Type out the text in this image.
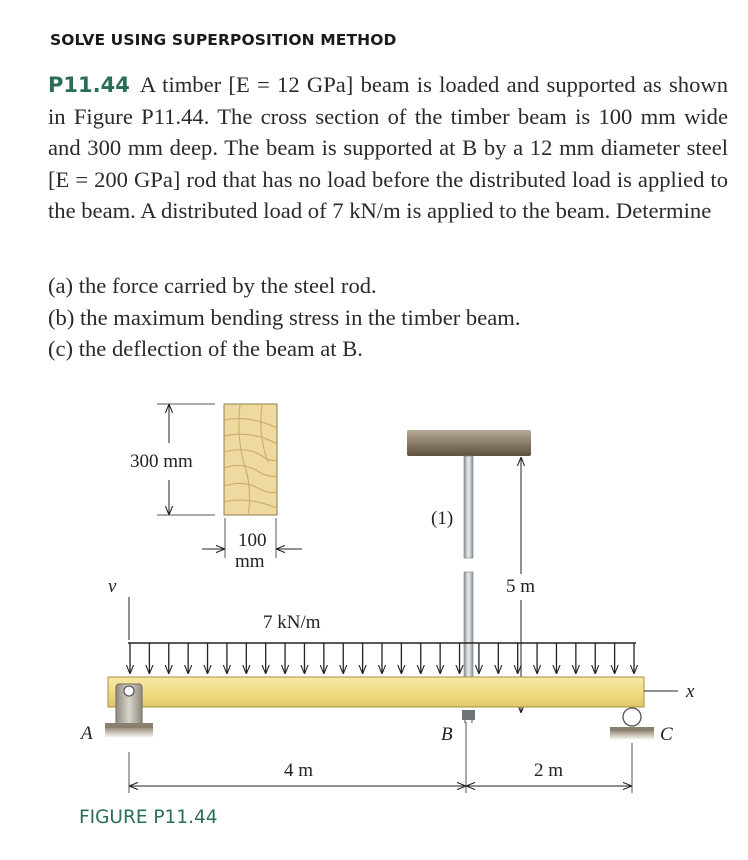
SOLVE USING SUPERPOSITION METHOD
P11.44 A timber [E = 12 GPa] beam is loaded and supported as shown in Figure P11.44. The cross section of the timber beam is 100 mm wide and 300 mm deep. The beam is supported at B by a 12 mm diameter steel [E = 200 GPa] rod that has no load before the distributed load is applied to the beam. A distributed load of 7 kN/m is applied to the beam. Determine
(a) the force carried by the steel rod.
(b) the maximum bending stress in the timber beam.
(c) the deflection of the beam at B.
300 mm
100
mm
(1)
5 m
v
7 kN/m
x
A	C
B
4 m	2 m
FIGURE P11.44
